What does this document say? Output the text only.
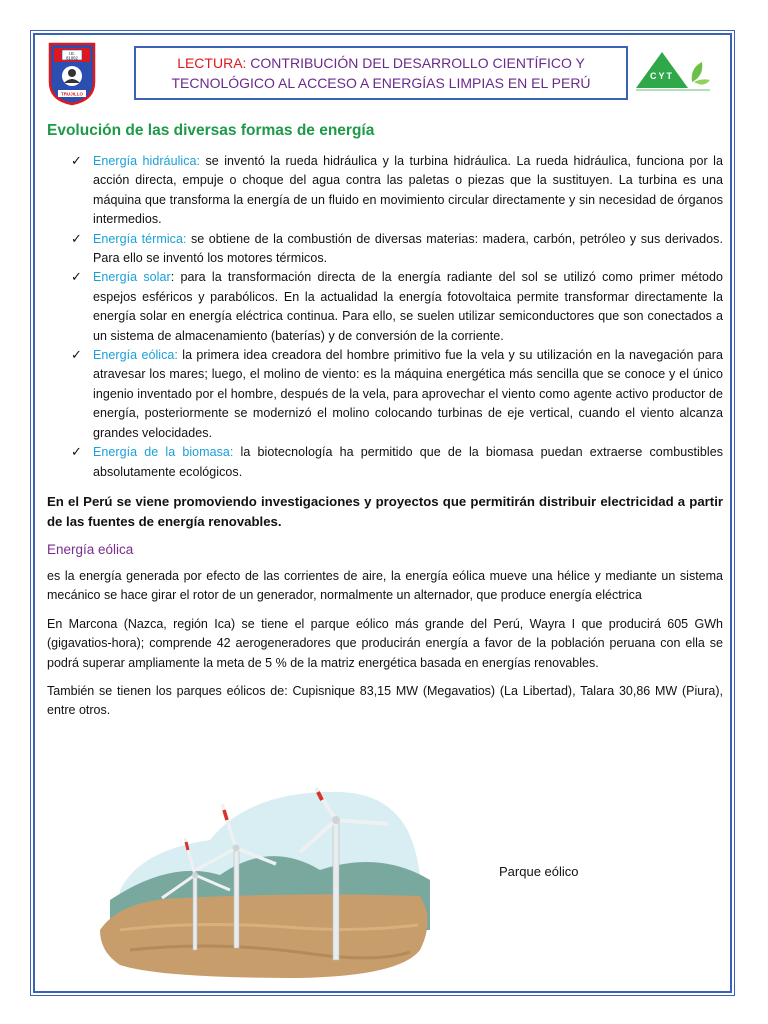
I.E.
81002
TRUJILLO
LECTURA: CONTRIBUCIÓN DEL DESARROLLO CIENTÍFICO Y
TECNOLÓGICO AL ACCESO A ENERGÍAS LIMPIAS EN EL PERÚ	CYT
Evolución de las diversas formas de energía
✓ Energía hidráulica: se inventó la rueda hidráulica y la turbina hidráulica. La rueda hidráulica, funciona por la acción directa, empuje o choque del agua contra las paletas o piezas que la sustituyen. La turbina es una máquina que transforma la energía de un fluido en movimiento circular directamente y sin necesidad de órganos intermedios.
✓ Energía térmica: se obtiene de la combustión de diversas materias: madera, carbón, petróleo y sus derivados. Para ello se inventó los motores térmicos.
✓ Energía solar: para la transformación directa de la energía radiante del sol se utilizó como primer método espejos esféricos y parabólicos. En la actualidad la energía fotovoltaica permite transformar directamente la energía solar en energía eléctrica continua. Para ello, se suelen utilizar semiconductores que son conectados a un sistema de almacenamiento (baterías) y de conversión de la corriente.
✓ Energía eólica: la primera idea creadora del hombre primitivo fue la vela y su utilización en la navegación para atravesar los mares; luego, el molino de viento: es la máquina energética más sencilla que se conoce y el único ingenio inventado por el hombre, después de la vela, para aprovechar el viento como agente activo productor de energía, posteriormente se modernizó el molino colocando turbinas de eje vertical, cuando el viento alcanza grandes velocidades.
✓ Energía de la biomasa: la biotecnología ha permitido que de la biomasa puedan extraerse combustibles absolutamente ecológicos.

En el Perú se viene promoviendo investigaciones y proyectos que permitirán distribuir electricidad a partir de las fuentes de energía renovables.

Energía eólica

es la energía generada por efecto de las corrientes de aire, la energía eólica mueve una hélice y mediante un sistema mecánico se hace girar el rotor de un generador, normalmente un alternador, que produce energía eléctrica

En Marcona (Nazca, región Ica) se tiene el parque eólico más grande del Perú, Wayra I que producirá 605 GWh (gigavatios-hora); comprende 42 aerogeneradores que producirán energía a favor de la población peruana con ella se podrá superar ampliamente la meta de 5 % de la matriz energética basada en energías renovables.

También se tienen los parques eólicos de: Cupisnique 83,15 MW (Megavatios) (La Libertad), Talara 30,86 MW (Piura), entre otros.

Parque eólico
